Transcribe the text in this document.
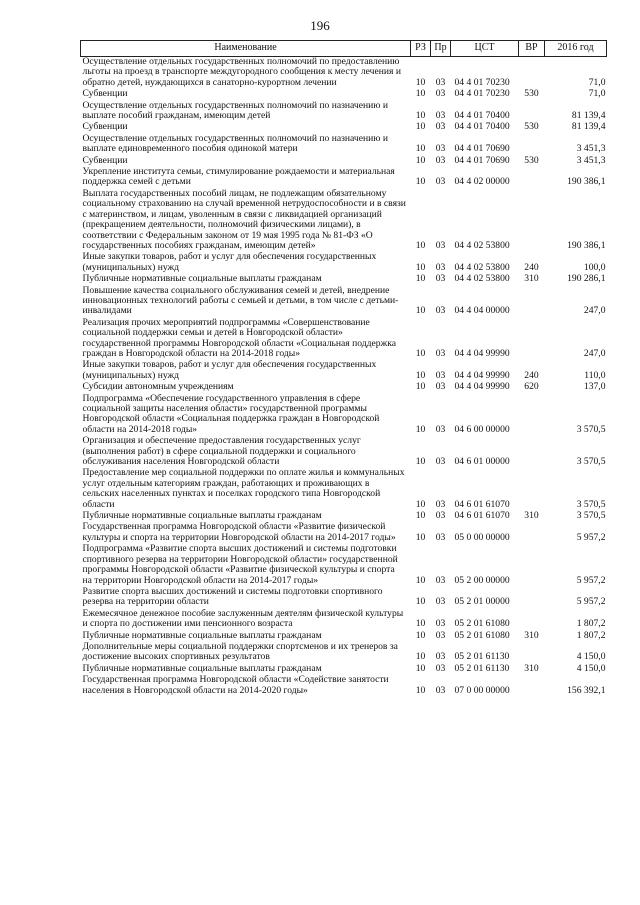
196
Наименование	РЗ	Пр	ЦСТ	ВР	2016 год
Осуществление отдельных государственных полномочий по предоставлению льготы на проезд в транспорте междугородного сообщения к месту лечения и обратно детей, нуждающихся в санаторно-курортном лечении	10	03	04 4 01 70230		71,0
Субвенции	10	03	04 4 01 70230	530	71,0
Осуществление отдельных государственных полномочий по назначению и выплате пособий гражданам, имеющим детей	10	03	04 4 01 70400		81 139,4
Субвенции	10	03	04 4 01 70400	530	81 139,4
Осуществление отдельных государственных полномочий по назначению и выплате единовременного пособия одинокой матери	10	03	04 4 01 70690		3 451,3
Субвенции	10	03	04 4 01 70690	530	3 451,3
Укрепление института семьи, стимулирование рождаемости и материальная поддержка семей с детьми	10	03	04 4 02 00000		190 386,1
Выплата государственных пособий лицам, не подлежащим обязательному социальному страхованию на случай временной нетрудоспособности и в связи с материнством, и лицам, уволенным в связи с ликвидацией организаций (прекращением деятельности, полномочий физическими лицами), в соответствии с Федеральным законом от 19 мая 1995 года № 81-ФЗ «О государственных пособиях гражданам, имеющим детей»	10	03	04 4 02 53800		190 386,1
Иные закупки товаров, работ и услуг для обеспечения государственных (муниципальных) нужд	10	03	04 4 02 53800	240	100,0
Публичные нормативные социальные выплаты гражданам	10	03	04 4 02 53800	310	190 286,1
Повышение качества социального обслуживания семей и детей, внедрение инновационных технологий работы с семьей и детьми, в том числе с детьми-инвалидами	10	03	04 4 04 00000		247,0
Реализация прочих мероприятий подпрограммы «Совершенствование социальной поддержки семьи и детей в Новгородской области» государственной программы Новгородской области «Социальная поддержка граждан в Новгородской области на 2014-2018 годы»	10	03	04 4 04 99990		247,0
Иные закупки товаров, работ и услуг для обеспечения государственных (муниципальных) нужд	10	03	04 4 04 99990	240	110,0
Субсидии автономным учреждениям	10	03	04 4 04 99990	620	137,0
Подпрограмма «Обеспечение государственного управления в сфере социальной защиты населения области» государственной программы Новгородской области «Социальная поддержка граждан в Новгородской области на 2014-2018 годы»	10	03	04 6 00 00000		3 570,5
Организация и обеспечение предоставления государственных услуг (выполнения работ) в сфере социальной поддержки и социального обслуживания населения Новгородской области	10	03	04 6 01 00000		3 570,5
Предоставление мер социальной поддержки по оплате жилья и коммунальных услуг отдельным категориям граждан, работающих и проживающих в сельских населенных пунктах и поселках городского типа Новгородской области	10	03	04 6 01 61070		3 570,5
Публичные нормативные социальные выплаты гражданам	10	03	04 6 01 61070	310	3 570,5
Государственная программа Новгородской области «Развитие физической культуры и спорта на территории Новгородской области на 2014-2017 годы»	10	03	05 0 00 00000		5 957,2
Подпрограмма «Развитие спорта высших достижений и системы подготовки спортивного резерва на территории Новгородской области» государственной программы Новгородской области «Развитие физической культуры и спорта на территории Новгородской области на 2014-2017 годы»	10	03	05 2 00 00000		5 957,2
Развитие спорта высших достижений и системы подготовки спортивного резерва на территории области	10	03	05 2 01 00000		5 957,2
Ежемесячное денежное пособие заслуженным деятелям физической культуры и спорта по достижении ими пенсионного возраста	10	03	05 2 01 61080		1 807,2
Публичные нормативные социальные выплаты гражданам	10	03	05 2 01 61080	310	1 807,2
Дополнительные меры социальной поддержки спортсменов и их тренеров за достижение высоких спортивных результатов	10	03	05 2 01 61130		4 150,0
Публичные нормативные социальные выплаты гражданам	10	03	05 2 01 61130	310	4 150,0
Государственная программа Новгородской области «Содействие занятости населения в Новгородской области на 2014-2020 годы»	10	03	07 0 00 00000		156 392,1
